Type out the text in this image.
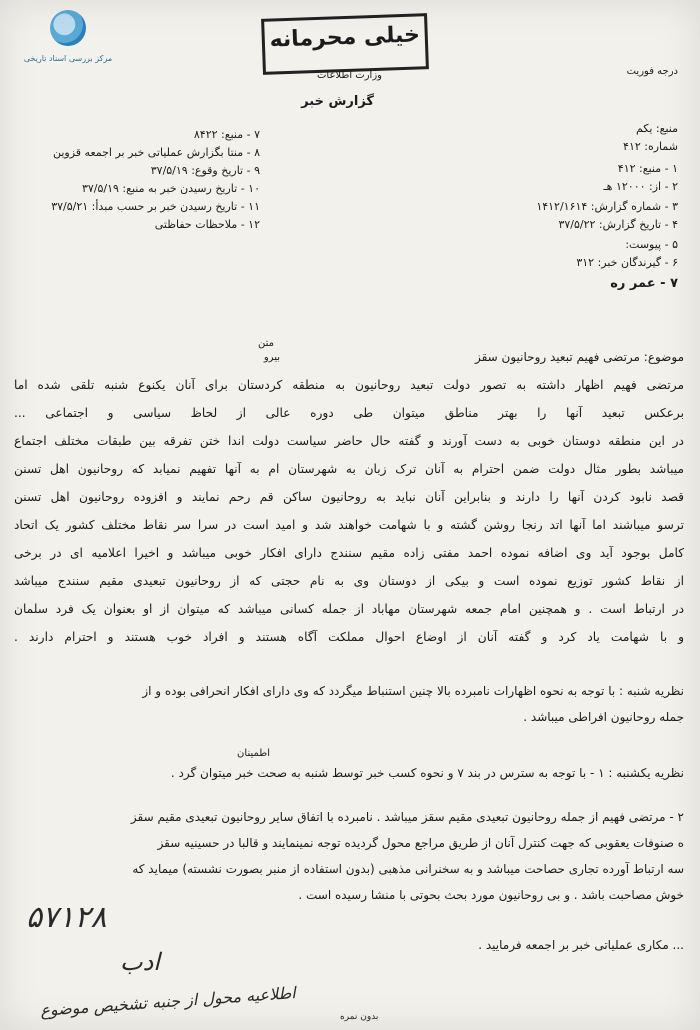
مرکز بررسی اسناد تاریخی
خیلی محرمانه
وزارت اطلاعات
گزارش خبر
درجه فوریت
منبع: یکم
شماره: ۴۱۲
۱ - منبع: ۴۱۲
۲ - از: ۱۲۰۰۰ هـ
۳ - شماره گزارش: ۱۴۱۲/۱۶۱۴
۴ - تاریخ گزارش: ۳۷/۵/۲۲
۵ - پیوست:
۶ - گیرندگان خبر: ۳۱۲
۷ - عمر ره
۷ - منبع: ۸۴۲۲
۸ - منتا بگزارش عملیاتی خبر بر اجمعه قزوین
۹ - تاریخ وقوع: ۳۷/۵/۱۹
۱۰ - تاریخ رسیدن خبر به منبع: ۳۷/۵/۱۹
۱۱ - تاریخ رسیدن خبر بر حسب مبدأ: ۳۷/۵/۲۱
۱۲ - ملاحظات حفاظتی
متن
بیرو	موضوع: مرتضی فهیم تبعید روحانیون سقز
مرتضی فهیم اظهار داشته به تصور دولت تبعید روحانیون به منطقه کردستان برای آنان یکنوع شنبه تلقی شده اما
برعکس تبعید آنها را بهتر مناطق میتوان طی دوره عالی از لحاظ سیاسی و اجتماعی ...
در این منطقه دوستان خوبی به دست آورند و گفته حال حاضر سیاست دولت اندا ختن تفرقه بین طبقات مختلف اجتماع
میباشد بطور مثال دولت ضمن احترام به آنان ترک زبان به شهرستان ام به آنها تفهیم نمیابد که روحانیون اهل تسنن
قصد نابود کردن آنها را دارند و بنابراین آنان نباید به روحانیون ساکن قم رحم نمایند و افزوده روحانیون اهل تسنن
ترسو میباشند اما آنها اتد رنجا روشن گشته و با شهامت خواهند شد و امید است در سرا سر نقاط مختلف کشور یک اتحاد
کامل بوجود آید وی اضافه نموده احمد مفتی زاده مقیم سنندج دارای افکار خوبی میباشد و اخیرا اعلامیه ای در برخی
از نقاط کشور توزیع نموده است و بیکی از دوستان وی به نام حجتی که از روحانیون تبعیدی مقیم سنندج میباشد
در ارتباط است . و همچنین امام جمعه شهرستان مهاباد از جمله کسانی میباشد که میتوان از او بعنوان یک فرد سلمان
و با شهامت یاد کرد و گفته آنان از اوضاع احوال مملکت آگاه هستند و افراد خوب هستند و احترام دارند .
نظریه شنبه : با توجه به نحوه اظهارات نامبرده بالا چنین استنباط میگردد که وی دارای افکار انحرافی بوده و از
جمله روحانیون افراطی میباشد .
اطمینان
نظریه یکشنبه : ۱ - با توجه به سترس در بند ۷ و نحوه کسب خبر توسط شنبه به صحت خبر میتوان گرد .
۲ - مرتضی فهیم از جمله روحانیون تبعیدی مقیم سقز میباشد . نامبرده با اتفاق سایر روحانیون تبعیدی مقیم سقز
ه صنوفات یعقوبی که جهت کنترل آنان از طریق مراجع محول گردیده توجه نمینمایند و قالبا در حسینیه سقز
سه ارتباط آورده تجاری حصاحت میباشد و به سخنرانی مذهبی (بدون استفاده از منبر بصورت نشسته) میماید که
خوش مصاحبت باشد . و بی روحانیون مورد بحث بحوتی با منشا رسیده است .
... مکاری عملیاتی خبر بر اجمعه فرمایید .
۵۷۱۲۸
ادب
اطلاعیه محول از جنبه تشخیص موضوع	بدون نمره
